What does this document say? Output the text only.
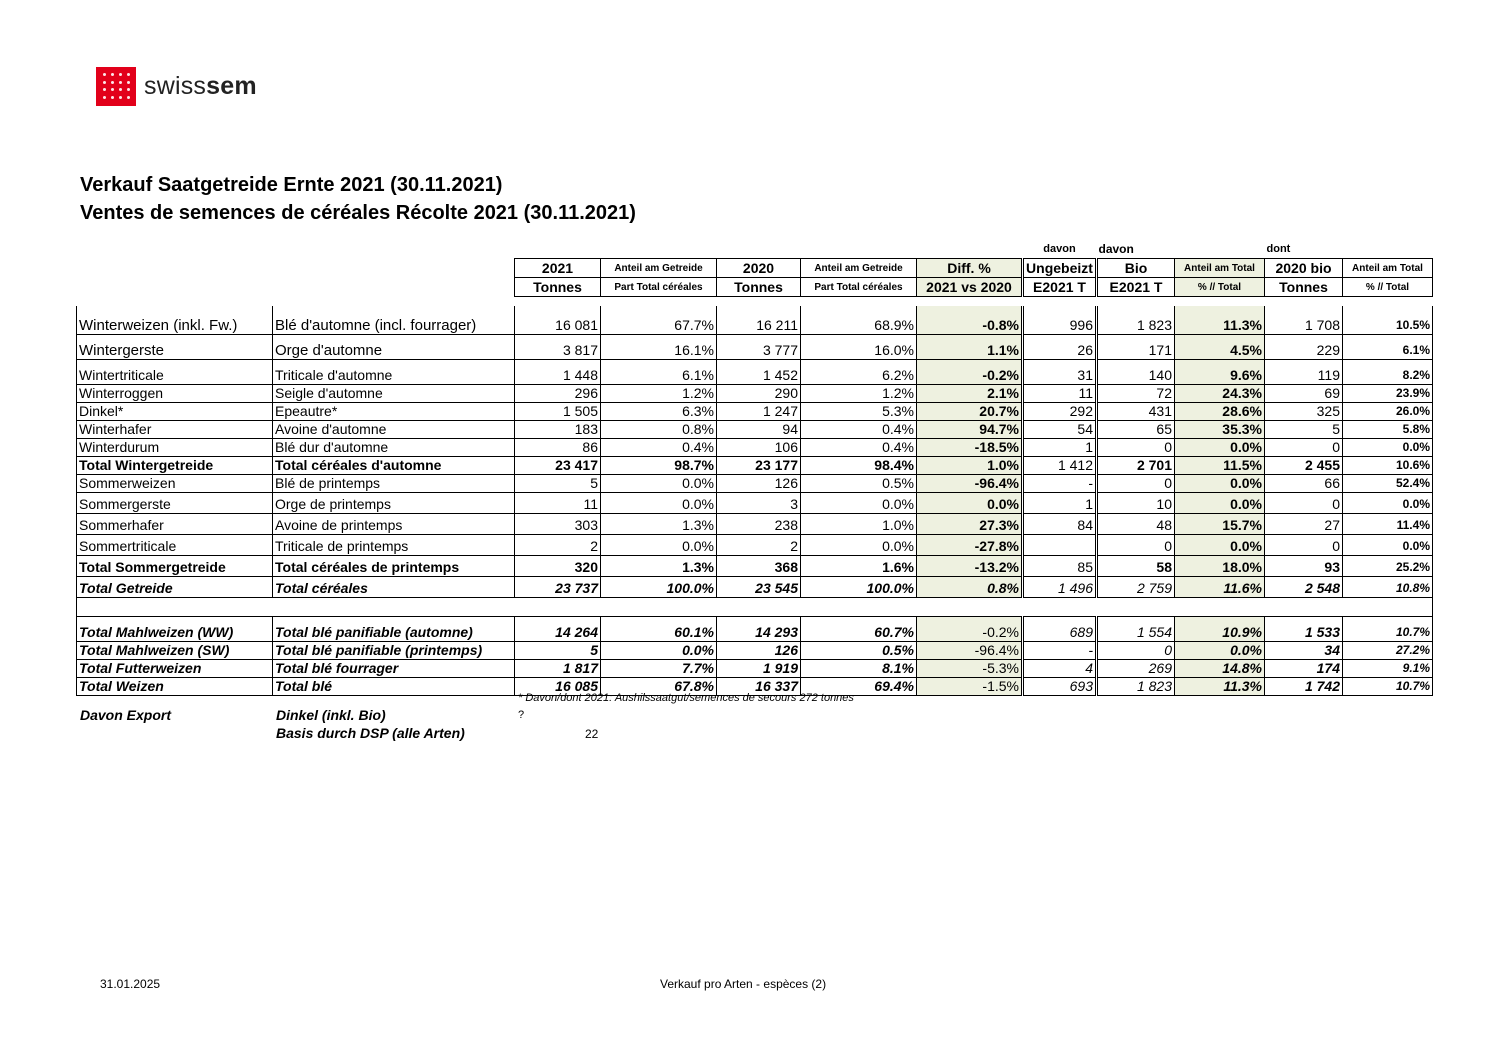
swisssem
Verkauf Saatgetreide Ernte 2021 (30.11.2021)
Ventes de semences de céréales Récolte 2021 (30.11.2021)
							davon	davon		dont	
		2021	Anteil am Getreide	2020	Anteil am Getreide	Diff. %	Ungebeizt	Bio	Anteil am Total	2020 bio	Anteil am Total
		Tonnes	Part Total céréales	Tonnes	Part Total céréales	2021 vs 2020	E2021 T	E2021 T	% // Total	Tonnes	% // Total

Winterweizen (inkl. Fw.)	Blé d'automne (incl. fourrager)	16 081	67.7%	16 211	68.9%	-0.8%	996	1 823	11.3%	1 708	10.5%
Wintergerste	Orge d'automne	3 817	16.1%	3 777	16.0%	1.1%	26	171	4.5%	229	6.1%
Wintertriticale	Triticale d'automne	1 448	6.1%	1 452	6.2%	-0.2%	31	140	9.6%	119	8.2%
Winterroggen	Seigle d'automne	296	1.2%	290	1.2%	2.1%	11	72	24.3%	69	23.9%
Dinkel*	Epeautre*	1 505	6.3%	1 247	5.3%	20.7%	292	431	28.6%	325	26.0%
Winterhafer	Avoine d'automne	183	0.8%	94	0.4%	94.7%	54	65	35.3%	5	5.8%
Winterdurum	Blé dur d'automne	86	0.4%	106	0.4%	-18.5%	1	0	0.0%	0	0.0%
Total Wintergetreide	Total céréales d'automne	23 417	98.7%	23 177	98.4%	1.0%	1 412	2 701	11.5%	2 455	10.6%
Sommerweizen	Blé de printemps	5	0.0%	126	0.5%	-96.4%	-	0	0.0%	66	52.4%
Sommergerste	Orge de printemps	11	0.0%	3	0.0%	0.0%	1	10	0.0%	0	0.0%
Sommerhafer	Avoine de printemps	303	1.3%	238	1.0%	27.3%	84	48	15.7%	27	11.4%
Sommertriticale	Triticale de printemps	2	0.0%	2	0.0%	-27.8%		0	0.0%	0	0.0%
Total Sommergetreide	Total céréales de printemps	320	1.3%	368	1.6%	-13.2%	85	58	18.0%	93	25.2%
Total Getreide	Total céréales	23 737	100.0%	23 545	100.0%	0.8%	1 496	2 759	11.6%	2 548	10.8%

Total Mahlweizen (WW)	Total blé panifiable (automne)	14 264	60.1%	14 293	60.7%	-0.2%	689	1 554	10.9%	1 533	10.7%
Total Mahlweizen (SW)	Total blé panifiable (printemps)	5	0.0%	126	0.5%	-96.4%	-	0	0.0%	34	27.2%
Total Futterweizen	Total blé fourrager	1 817	7.7%	1 919	8.1%	-5.3%	4	269	14.8%	174	9.1%
Total Weizen	Total blé	16 085	67.8%	16 337	69.4%	-1.5%	693	1 823	11.3%	1 742	10.7%
* Davon/dont 2021: Aushilssaatgut/semences de secours 272 tonnes
Davon Export	Dinkel (inkl. Bio)	?
Basis durch DSP (alle Arten)	22
31.01.2025	Verkauf pro Arten - espèces (2)
